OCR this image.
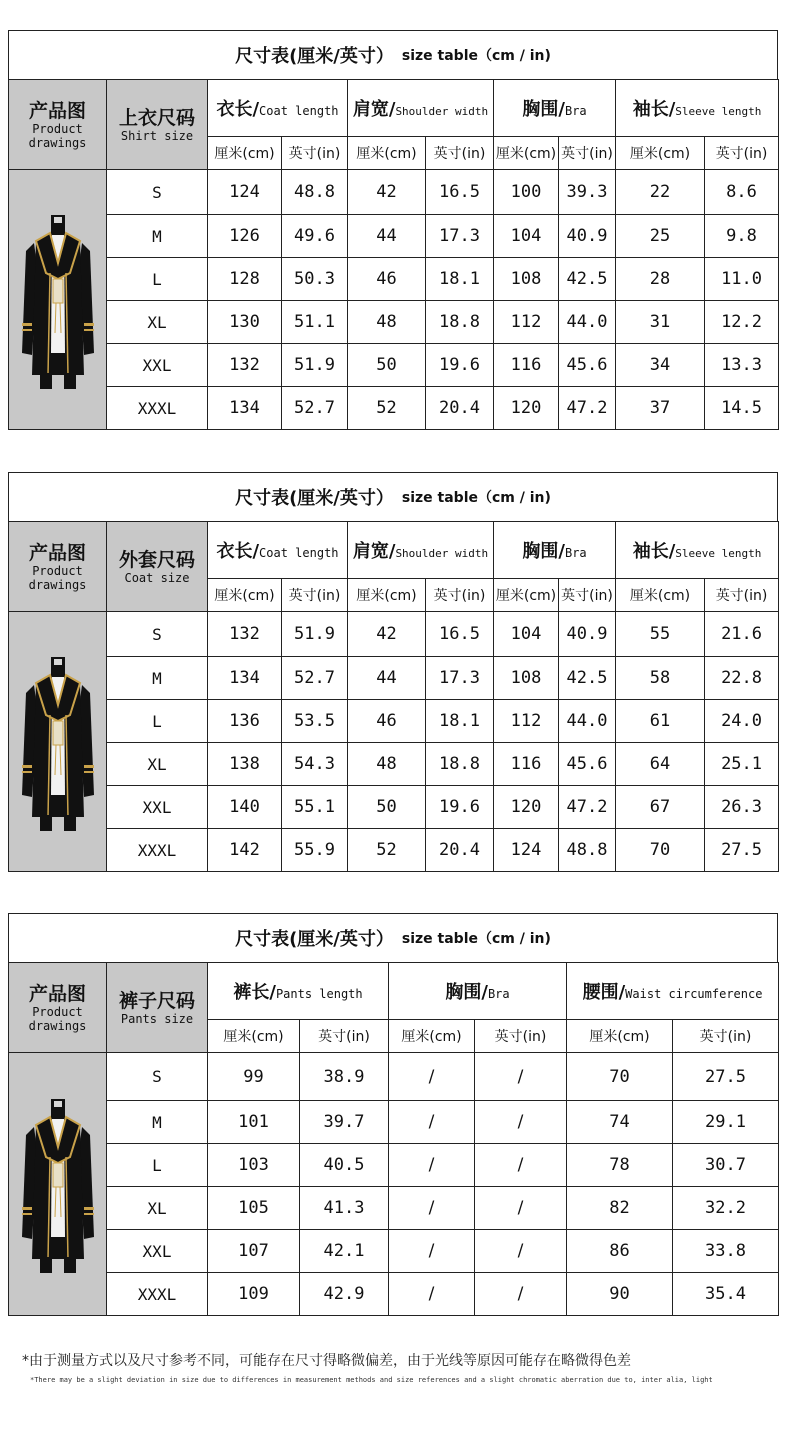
尺寸表(厘米/英寸） size table（cm / in)
产品图
Product drawings	上衣尺码
Shirt size	衣长/Coat length		肩宽/Shoulder width		胸围/Bra		袖长/Sleeve length	
		厘米(cm)	英寸(in)	厘米(cm)	英寸(in)	厘米(cm)	英寸(in)	厘米(cm)	英寸(in)
	S	124	48.8	42	16.5	100	39.3	22	8.6
	M	126	49.6	44	17.3	104	40.9	25	9.8
	L	128	50.3	46	18.1	108	42.5	28	11.0
	XL	130	51.1	48	18.8	112	44.0	31	12.2
	XXL	132	51.9	50	19.6	116	45.6	34	13.3
	XXXL	134	52.7	52	20.4	120	47.2	37	14.5
尺寸表(厘米/英寸） size table（cm / in)
产品图
Product drawings	外套尺码
Coat size	衣长/Coat length		肩宽/Shoulder width		胸围/Bra		袖长/Sleeve length	
		厘米(cm)	英寸(in)	厘米(cm)	英寸(in)	厘米(cm)	英寸(in)	厘米(cm)	英寸(in)
	S	132	51.9	42	16.5	104	40.9	55	21.6
	M	134	52.7	44	17.3	108	42.5	58	22.8
	L	136	53.5	46	18.1	112	44.0	61	24.0
	XL	138	54.3	48	18.8	116	45.6	64	25.1
	XXL	140	55.1	50	19.6	120	47.2	67	26.3
	XXXL	142	55.9	52	20.4	124	48.8	70	27.5
尺寸表(厘米/英寸） size table（cm / in)
产品图
Product drawings	裤子尺码
Pants size	裤长/Pants length		胸围/Bra		腰围/Waist circumference	
		厘米(cm)	英寸(in)	厘米(cm)	英寸(in)	厘米(cm)	英寸(in)
	S	99	38.9	/	/	70	27.5
	M	101	39.7	/	/	74	29.1
	L	103	40.5	/	/	78	30.7
	XL	105	41.3	/	/	82	32.2
	XXL	107	42.1	/	/	86	33.8
	XXXL	109	42.9	/	/	90	35.4
*由于测量方式以及尺寸参考不同，可能存在尺寸得略微偏差，由于光线等原因可能存在略微得色差
*There may be a slight deviation in size due to differences in measurement methods and size references and a slight chromatic aberration due to, inter alia, light
